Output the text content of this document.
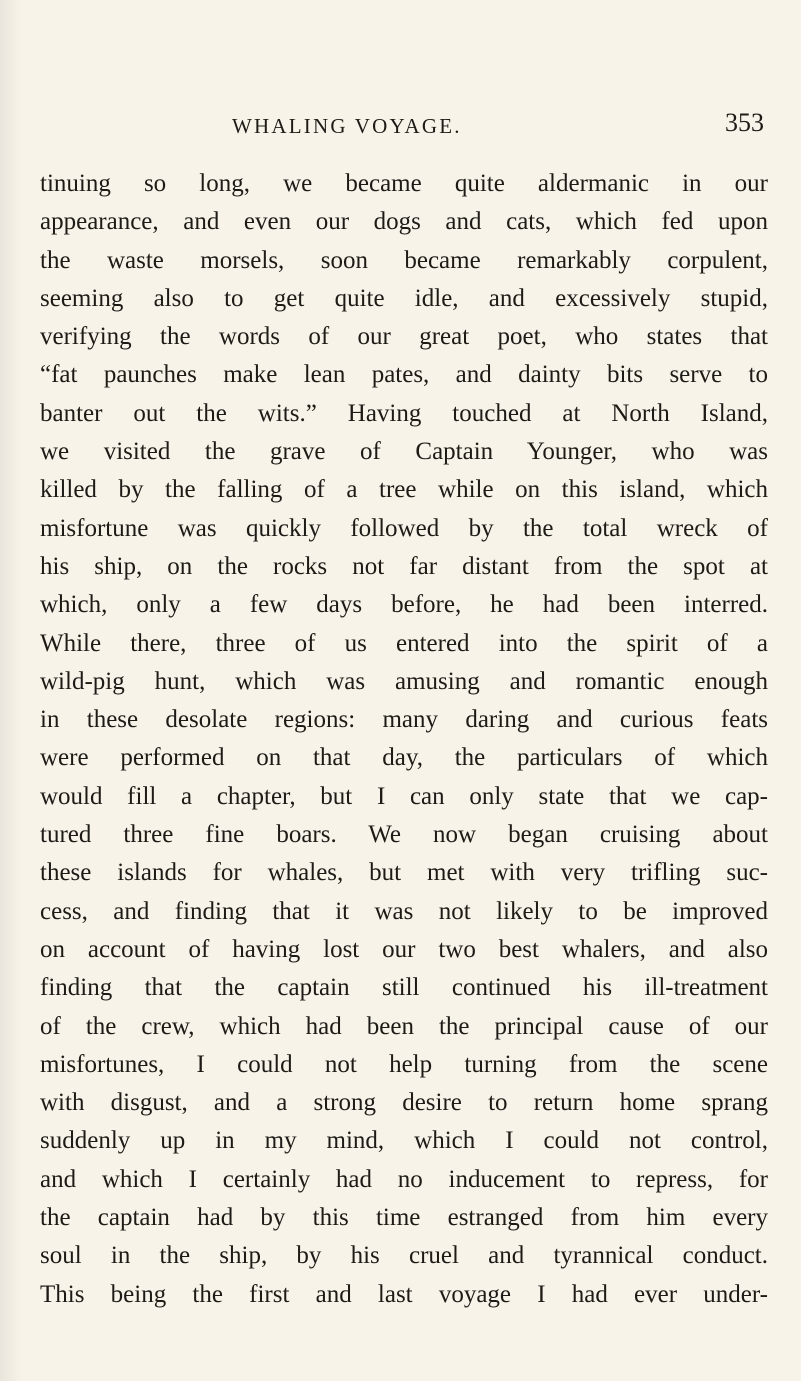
WHALING VOYAGE.	353
tinuing so long, we became quite aldermanic in our
appearance, and even our dogs and cats, which fed upon
the waste morsels, soon became remarkably corpulent,
seeming also to get quite idle, and excessively stupid,
verifying the words of our great poet, who states that
“fat paunches make lean pates, and dainty bits serve to
banter out the wits.” Having touched at North Island,
we visited the grave of Captain Younger, who was
killed by the falling of a tree while on this island, which
misfortune was quickly followed by the total wreck of
his ship, on the rocks not far distant from the spot at
which, only a few days before, he had been interred.
While there, three of us entered into the spirit of a
wild-pig hunt, which was amusing and romantic enough
in these desolate regions: many daring and curious feats
were performed on that day, the particulars of which
would fill a chapter, but I can only state that we cap-
tured three fine boars. We now began cruising about
these islands for whales, but met with very trifling suc-
cess, and finding that it was not likely to be improved
on account of having lost our two best whalers, and also
finding that the captain still continued his ill-treatment
of the crew, which had been the principal cause of our
misfortunes, I could not help turning from the scene
with disgust, and a strong desire to return home sprang
suddenly up in my mind, which I could not control,
and which I certainly had no inducement to repress, for
the captain had by this time estranged from him every
soul in the ship, by his cruel and tyrannical conduct.
This being the first and last voyage I had ever under-
